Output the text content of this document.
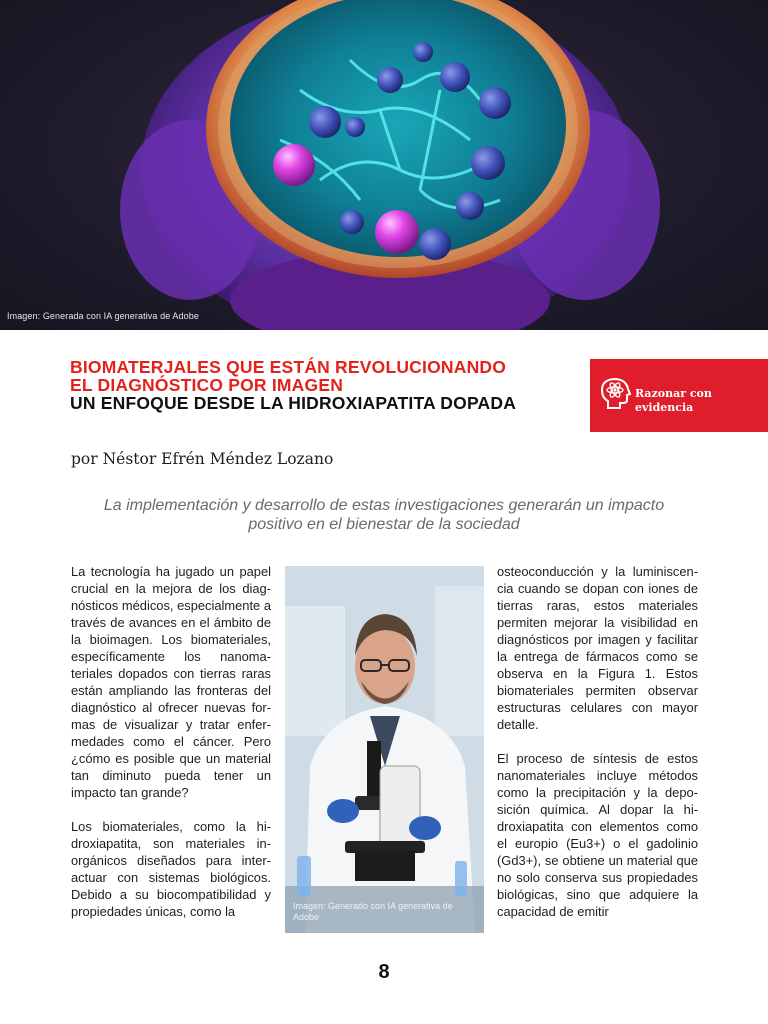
Imagen: Generada con IA generativa de Adobe
BIOMATERJALES QUE ESTÁN REVOLUCIONANDO
EL DIAGNÓSTICO POR IMAGEN
UN ENFOQUE DESDE LA HIDROXIAPATITA DOPADA	Razonar con
evidencia
por Néstor Efrén Méndez Lozano
La implementación y desarrollo de estas investigaciones generarán un impacto
positivo en el bienestar de la sociedad

La tecnología ha jugado un papel crucial en la mejora de los diagnósticos médicos, especialmente a través de avances en el ámbito de la bioimagen. Los biomateriales, específicamente los nanomateriales dopados con tierras raras están ampliando las fronteras del diagnóstico al ofrecer nuevas formas de visualizar y tratar enfermedades como el cáncer. Pero ¿cómo es posible que un material tan diminuto pueda tener un impacto tan grande?

Los biomateriales, como la hidroxiapatita, son materiales inorgánicos diseñados para interactuar con sistemas biológicos. Debido a su biocompatibilidad y propiedades únicas, como la	Imagen: Generado con IA generativa de Adobe

osteoconducción y la luminiscencia cuando se dopan con iones de tierras raras, estos materiales permiten mejorar la visibilidad en diagnósticos por imagen y facilitar la entrega de fármacos como se observa en la Figura 1. Estos biomateriales permiten observar estructuras celulares con mayor detalle.

El proceso de síntesis de estos nanomateriales incluye métodos como la precipitación y la deposición química. Al dopar la hidroxiapatita con elementos como el europio (Eu3+) o el gadolinio (Gd3+), se obtiene un material que no solo conserva sus propiedades biológicas, sino que adquiere la capacidad de emitir

8
